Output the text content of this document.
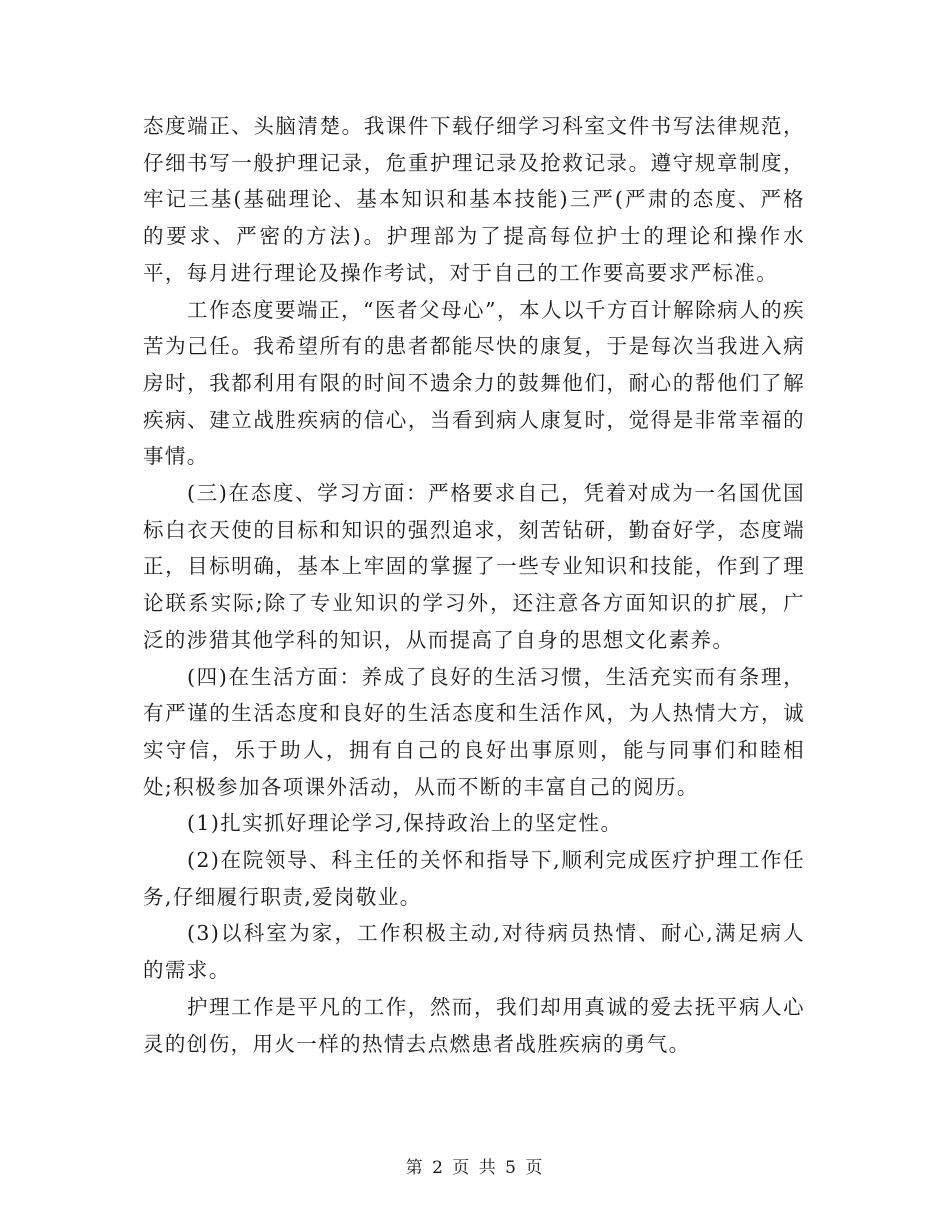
态度端正、头脑清楚。我课件下载仔细学习科室文件书写法律规范，仔细书写一般护理记录，危重护理记录及抢救记录。遵守规章制度，牢记三基(基础理论、基本知识和基本技能)三严(严肃的态度、严格的要求、严密的方法)。护理部为了提高每位护士的理论和操作水平，每月进行理论及操作考试，对于自己的工作要高要求严标准。

工作态度要端正，“医者父母心”，本人以千方百计解除病人的疾苦为己任。我希望所有的患者都能尽快的康复，于是每次当我进入病房时，我都利用有限的时间不遗余力的鼓舞他们，耐心的帮他们了解疾病、建立战胜疾病的信心，当看到病人康复时，觉得是非常幸福的事情。

(三)在态度、学习方面：严格要求自己，凭着对成为一名国优国标白衣天使的目标和知识的强烈追求，刻苦钻研，勤奋好学，态度端正，目标明确，基本上牢固的掌握了一些专业知识和技能，作到了理论联系实际;除了专业知识的学习外，还注意各方面知识的扩展，广泛的涉猎其他学科的知识，从而提高了自身的思想文化素养。

(四)在生活方面：养成了良好的生活习惯，生活充实而有条理，有严谨的生活态度和良好的生活态度和生活作风，为人热情大方，诚实守信，乐于助人，拥有自己的良好出事原则，能与同事们和睦相处;积极参加各项课外活动，从而不断的丰富自己的阅历。

(1)扎实抓好理论学习,保持政治上的坚定性。

(2)在院领导、科主任的关怀和指导下,顺利完成医疗护理工作任务,仔细履行职责,爱岗敬业。

(3)以科室为家，工作积极主动,对待病员热情、耐心,满足病人的需求。

护理工作是平凡的工作，然而，我们却用真诚的爱去抚平病人心灵的创伤，用火一样的热情去点燃患者战胜疾病的勇气。

第 2 页 共 5 页
